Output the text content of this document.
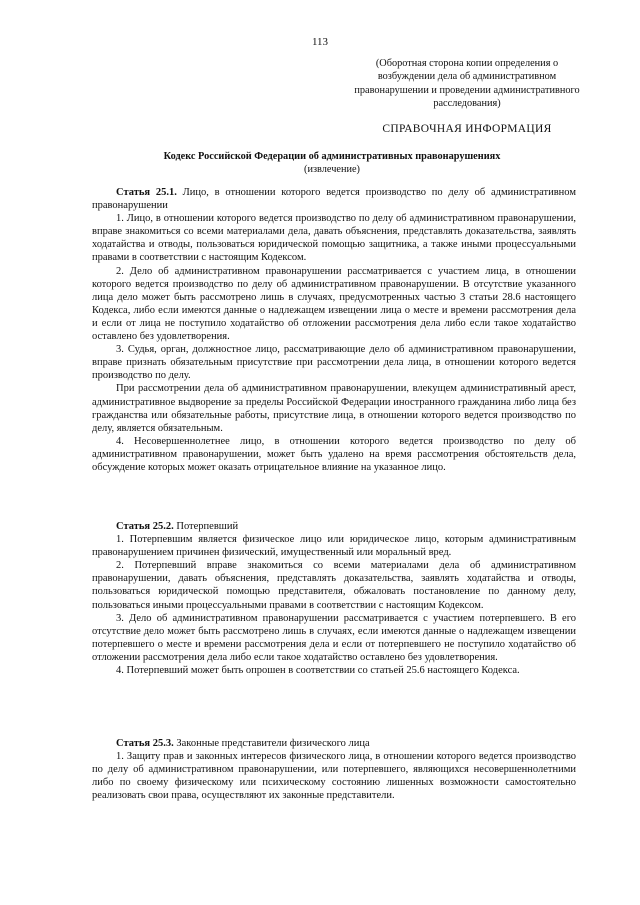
113
(Оборотная сторона копии определения о возбуждении дела об административном правонарушении и проведении административного расследования)
СПРАВОЧНАЯ ИНФОРМАЦИЯ
Кодекс Российской Федерации об административных правонарушениях
(извлечение)

Статья 25.1. Лицо, в отношении которого ведется производство по делу об административном правонарушении

1. Лицо, в отношении которого ведется производство по делу об административном правонарушении, вправе знакомиться со всеми материалами дела, давать объяснения, представлять доказательства, заявлять ходатайства и отводы, пользоваться юридической помощью защитника, а также иными процессуальными правами в соответствии с настоящим Кодексом.

2. Дело об административном правонарушении рассматривается с участием лица, в отношении которого ведется производство по делу об административном правонарушении. В отсутствие указанного лица дело может быть рассмотрено лишь в случаях, предусмотренных частью 3 статьи 28.6 настоящего Кодекса, либо если имеются данные о надлежащем извещении лица о месте и времени рассмотрения дела и если от лица не поступило ходатайство об отложении рассмотрения дела либо если такое ходатайство оставлено без удовлетворения.

3. Судья, орган, должностное лицо, рассматривающие дело об административном правонарушении, вправе признать обязательным присутствие при рассмотрении дела лица, в отношении которого ведется производство по делу.

При рассмотрении дела об административном правонарушении, влекущем административный арест, административное выдворение за пределы Российской Федерации иностранного гражданина либо лица без гражданства или обязательные работы, присутствие лица, в отношении которого ведется производство по делу, является обязательным.

4. Несовершеннолетнее лицо, в отношении которого ведется производство по делу об административном правонарушении, может быть удалено на время рассмотрения обстоятельств дела, обсуждение которых может оказать отрицательное влияние на указанное лицо.

Статья 25.2. Потерпевший

1. Потерпевшим является физическое лицо или юридическое лицо, которым административным правонарушением причинен физический, имущественный или моральный вред.

2. Потерпевший вправе знакомиться со всеми материалами дела об административном правонарушении, давать объяснения, представлять доказательства, заявлять ходатайства и отводы, пользоваться юридической помощью представителя, обжаловать постановление по данному делу, пользоваться иными процессуальными правами в соответствии с настоящим Кодексом.

3. Дело об административном правонарушении рассматривается с участием потерпевшего. В его отсутствие дело может быть рассмотрено лишь в случаях, если имеются данные о надлежащем извещении потерпевшего о месте и времени рассмотрения дела и если от потерпевшего не поступило ходатайство об отложении рассмотрения дела либо если такое ходатайство оставлено без удовлетворения.

4. Потерпевший может быть опрошен в соответствии со статьей 25.6 настоящего Кодекса.

Статья 25.3. Законные представители физического лица

1. Защиту прав и законных интересов физического лица, в отношении которого ведется производство по делу об административном правонарушении, или потерпевшего, являющихся несовершеннолетними либо по своему физическому или психическому состоянию лишенных возможности самостоятельно реализовать свои права, осуществляют их законные представители.
